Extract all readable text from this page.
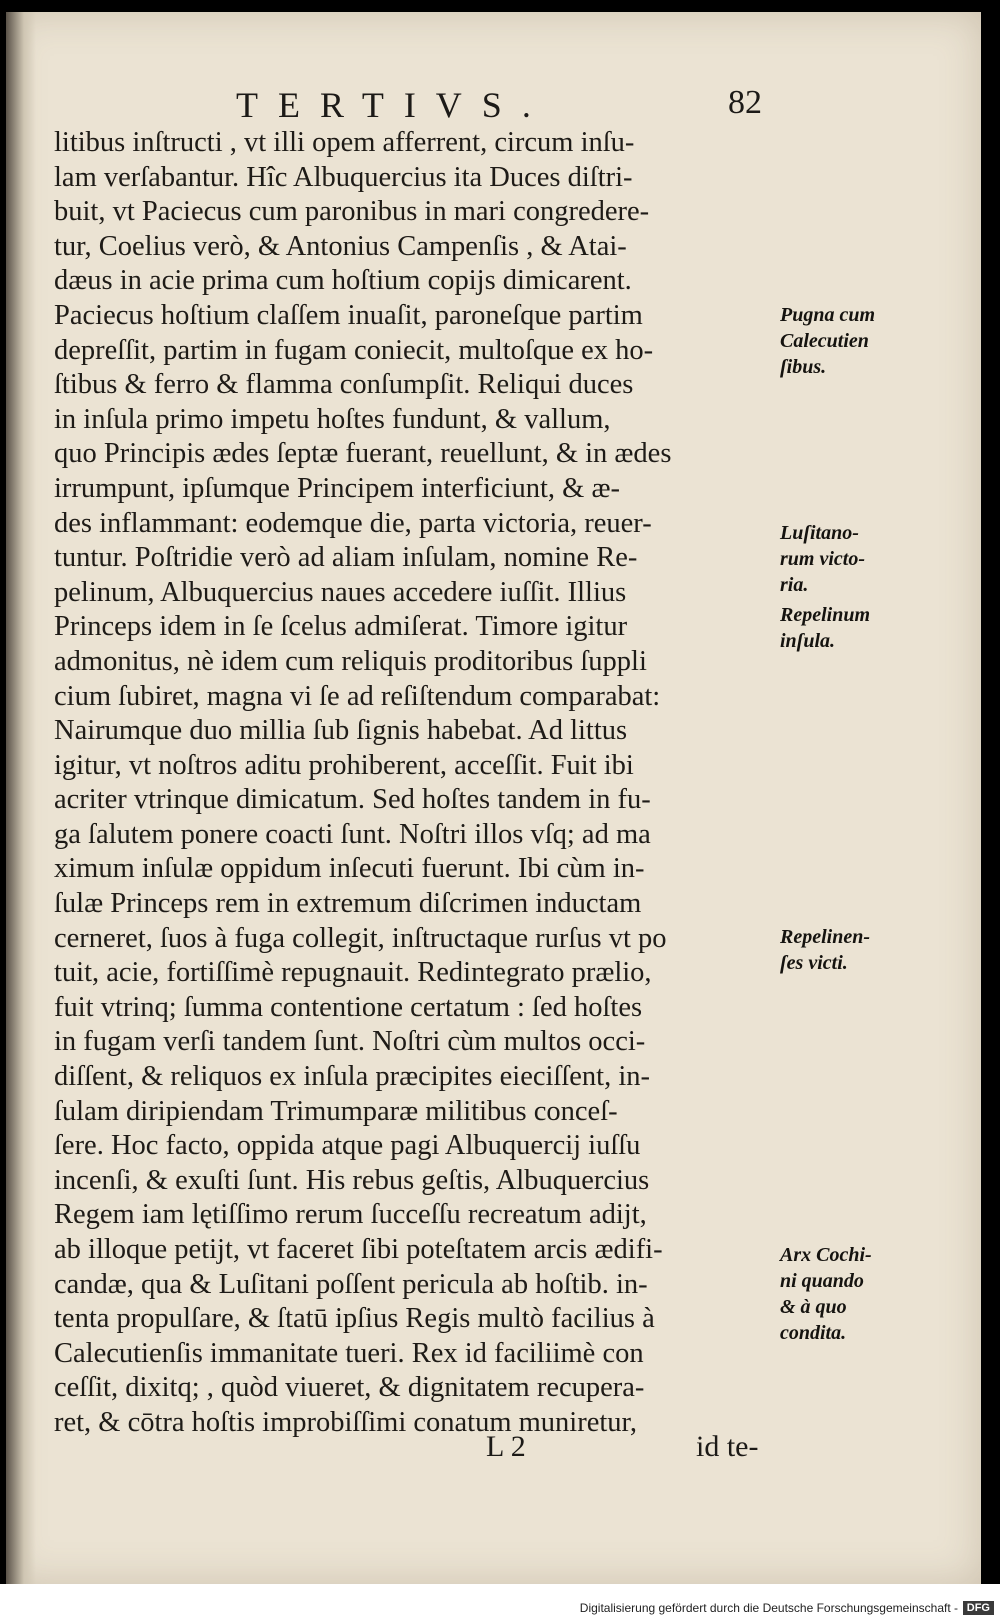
TERTIVS.	82
litibus inſtructi , vt illi opem afferrent, circum inſu-
lam verſabantur. Hîc Albuquercius ita Duces diſtri-
buit, vt Paciecus cum paronibus in mari congredere-
tur, Coelius verò, & Antonius Campenſis , & Atai-
dæus in acie prima cum hoſtium copijs dimicarent.
Paciecus hoſtium claſſem inuaſit, paroneſque partim
depreſſit, partim in fugam coniecit, multoſque ex ho-
ſtibus & ferro & flamma conſumpſit. Reliqui duces
in inſula primo impetu hoſtes fundunt, & vallum,
quo Principis ædes ſeptæ fuerant, reuellunt, & in ædes
irrumpunt, ipſumque Principem interficiunt, & æ-
des inflammant: eodemque die, parta victoria, reuer-
tuntur. Poſtridie verò ad aliam inſulam, nomine Re-
pelinum, Albuquercius naues accedere iuſſit. Illius
Princeps idem in ſe ſcelus admiſerat. Timore igitur
admonitus, nè idem cum reliquis proditoribus ſuppli
cium ſubiret, magna vi ſe ad reſiſtendum comparabat:
Nairumque duo millia ſub ſignis habebat. Ad littus
igitur, vt noſtros aditu prohiberent, acceſſit. Fuit ibi
acriter vtrinque dimicatum. Sed hoſtes tandem in fu-
ga ſalutem ponere coacti ſunt. Noſtri illos vſq; ad ma
ximum inſulæ oppidum inſecuti fuerunt. Ibi cùm in-
ſulæ Princeps rem in extremum diſcrimen inductam
cerneret, ſuos à fuga collegit, inſtructaque rurſus vt po
tuit, acie, fortiſſimè repugnauit. Redintegrato prælio,
fuit vtrinq; ſumma contentione certatum : ſed hoſtes
in fugam verſi tandem ſunt. Noſtri cùm multos occi-
diſſent, & reliquos ex inſula præcipites eieciſſent, in-
ſulam diripiendam Trimumparæ militibus conceſ-
ſere. Hoc facto, oppida atque pagi Albuquercij iuſſu
incenſi, & exuſti ſunt. His rebus geſtis, Albuquercius
Regem iam lętiſſimo rerum ſucceſſu recreatum adijt,
ab illoque petijt, vt faceret ſibi poteſtatem arcis ædifi-
candæ, qua & Luſitani poſſent pericula ab hoſtib. in-
tenta propulſare, & ſtatū ipſius Regis multò facilius à
Calecutienſis immanitate tueri. Rex id faciliimè con
ceſſit, dixitq; , quòd viueret, & dignitatem recupera-
ret, & cōtra hoſtis improbiſſimi conatum muniretur,
Pugna cum
Calecutien
ſibus.
Luſitano-
rum victo-
ria.
Repelinum
inſula.
Repelinen-
ſes victi.
Arx Cochi-
ni quando
& à quo
condita.
L 2	id te-
Digitalisierung gefördert durch die Deutsche Forschungsgemeinschaft - DFG
